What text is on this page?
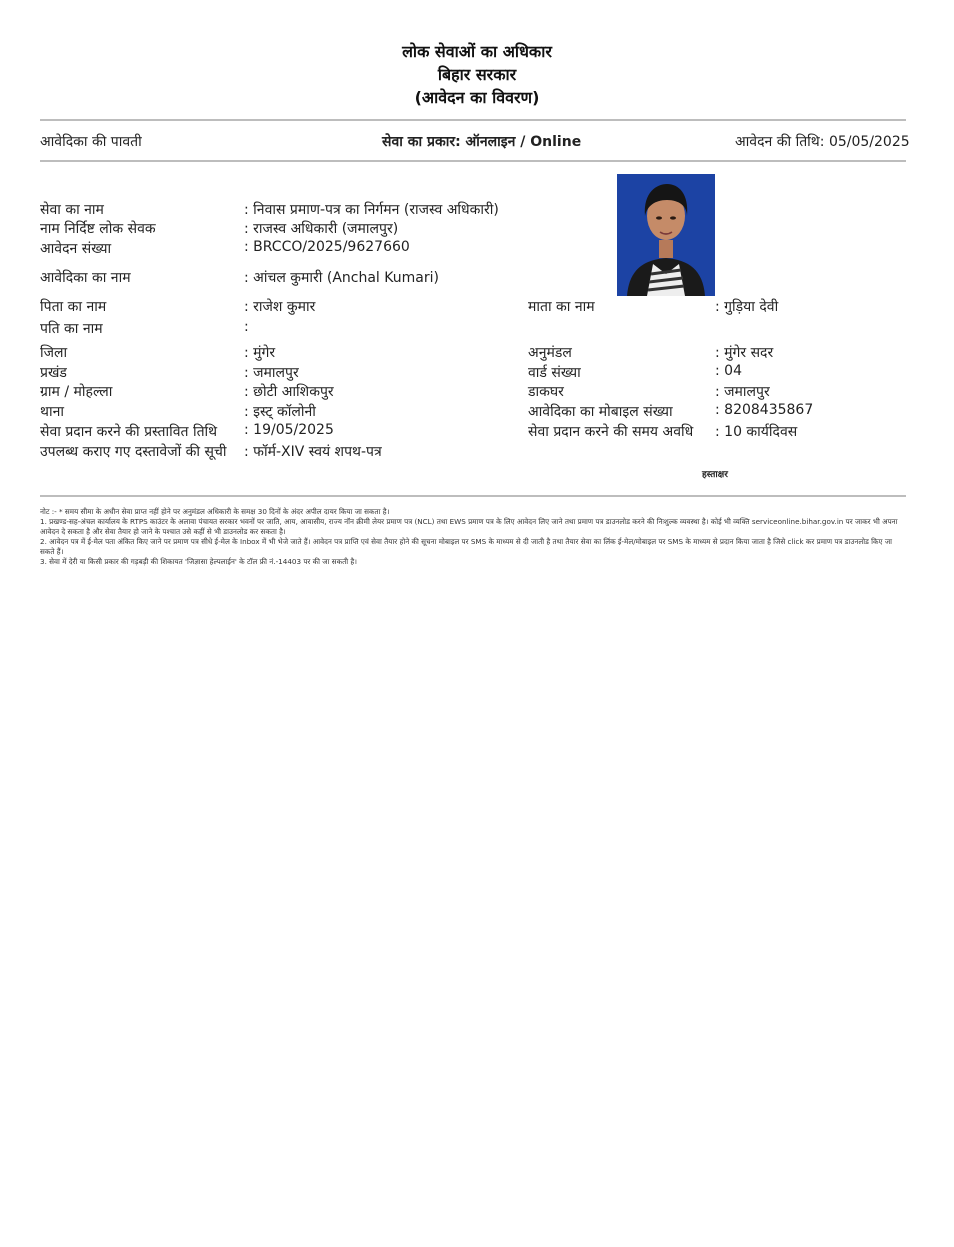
लोक सेवाओं का अधिकार
बिहार सरकार
(आवेदन का विवरण)
आवेदिका की पावती	सेवा का प्रकार: ऑनलाइन / Online	आवेदन की तिथि: 05/05/2025
सेवा का नाम	: निवास प्रमाण-पत्र का निर्गमन (राजस्व अधिकारी)
नाम निर्दिष्ट लोक सेवक	: राजस्व अधिकारी (जमालपुर)
आवेदन संख्या	: BRCCO/2025/9627660
आवेदिका का नाम	: आंचल कुमारी (Anchal Kumari)
पिता का नाम	: राजेश कुमार	माता का नाम	: गुड़िया देवी
पति का नाम	:
जिला	: मुंगेर	अनुमंडल	: मुंगेर सदर
प्रखंड	: जमालपुर	वार्ड संख्या	: 04
ग्राम / मोहल्ला	: छोटी आशिकपुर	डाकघर	: जमालपुर
थाना	: इस्ट् कॉलोनी	आवेदिका का मोबाइल संख्या	: 8208435867
सेवा प्रदान करने की प्रस्तावित तिथि : 19/05/2025	सेवा प्रदान करने की समय अवधि : 10 कार्यदिवस
उपलब्ध कराए गए दस्तावेजों की सूची : फॉर्म-XIV स्वयं शपथ-पत्र
हस्ताक्षर
नोट :- * समय सीमा के अधीन सेवा प्राप्त नहीं होने पर अनुमंडल अधिकारी के समक्ष 30 दिनों के अंदर अपील दायर किया जा सकता है।
1. प्रखण्ड-सह-अंचल कार्यालय के RTPS काउंटर के अलावा पंचायत सरकार भवनों पर जाति, आय, आवासीय, राज्य नॉन क्रीमी लेयर प्रमाण पत्र (NCL) तथा EWS प्रमाण पत्र के लिए आवेदन लिए जाने तथा प्रमाण पत्र डाउनलोड करने की निःशुल्क व्यवस्था है। कोई भी व्यक्ति serviceonline.bihar.gov.in पर जाकर भी अपना आवेदन दे सकता है और सेवा तैयार हो जाने के पश्चात उसे कहीं से भी डाउनलोड कर सकता है।
2. आवेदन पत्र में ई-मेल पता अंकित किए जाने पर प्रमाण पत्र सीधे ई-मेल के Inbox में भी भेजे जाते हैं। आवेदन पत्र प्राप्ति एवं सेवा तैयार होने की सूचना मोबाइल पर SMS के माध्यम से दी जाती है तथा तैयार सेवा का लिंक ई-मेल/मोबाइल पर SMS के माध्यम से प्रदान किया जाता है जिसे click कर प्रमाण पत्र डाउनलोड किए जा सकते हैं।
3. सेवा में देरी या किसी प्रकार की गड़बड़ी की शिकायत 'जिज्ञासा हेल्पलाईन' के टॉल फ्री नं.-14403 पर की जा सकती है।
